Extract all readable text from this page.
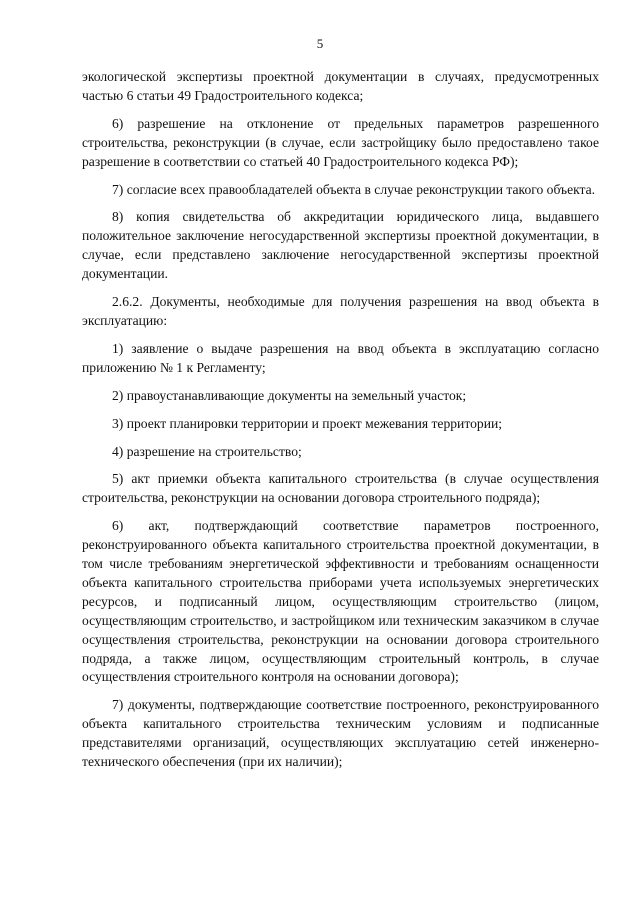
5

экологической экспертизы проектной документации в случаях, предусмотренных частью 6 статьи 49 Градостроительного кодекса;

6) разрешение на отклонение от предельных параметров разрешенного строительства, реконструкции (в случае, если застройщику было предоставлено такое разрешение в соответствии со статьей 40 Градостроительного кодекса РФ);

7) согласие всех правообладателей объекта в случае реконструкции такого объекта.

8) копия свидетельства об аккредитации юридического лица, выдавшего положительное заключение негосударственной экспертизы проектной документации, в случае, если представлено заключение негосударственной экспертизы проектной документации.

2.6.2. Документы, необходимые для получения разрешения на ввод объекта в эксплуатацию:

1) заявление о выдаче разрешения на ввод объекта в эксплуатацию согласно приложению № 1 к Регламенту;

2) правоустанавливающие документы на земельный участок;

3) проект планировки территории и проект межевания территории;

4) разрешение на строительство;

5) акт приемки объекта капитального строительства (в случае осуществления строительства, реконструкции на основании договора строительного подряда);

6) акт, подтверждающий соответствие параметров построенного, реконструированного объекта капитального строительства проектной документации, в том числе требованиям энергетической эффективности и требованиям оснащенности объекта капитального строительства приборами учета используемых энергетических ресурсов, и подписанный лицом, осуществляющим строительство (лицом, осуществляющим строительство, и застройщиком или техническим заказчиком в случае осуществления строительства, реконструкции на основании договора строительного подряда, а также лицом, осуществляющим строительный контроль, в случае осуществления строительного контроля на основании договора);

7) документы, подтверждающие соответствие построенного, реконструированного объекта капитального строительства техническим условиям и подписанные представителями организаций, осуществляющих эксплуатацию сетей инженерно-технического обеспечения (при их наличии);
